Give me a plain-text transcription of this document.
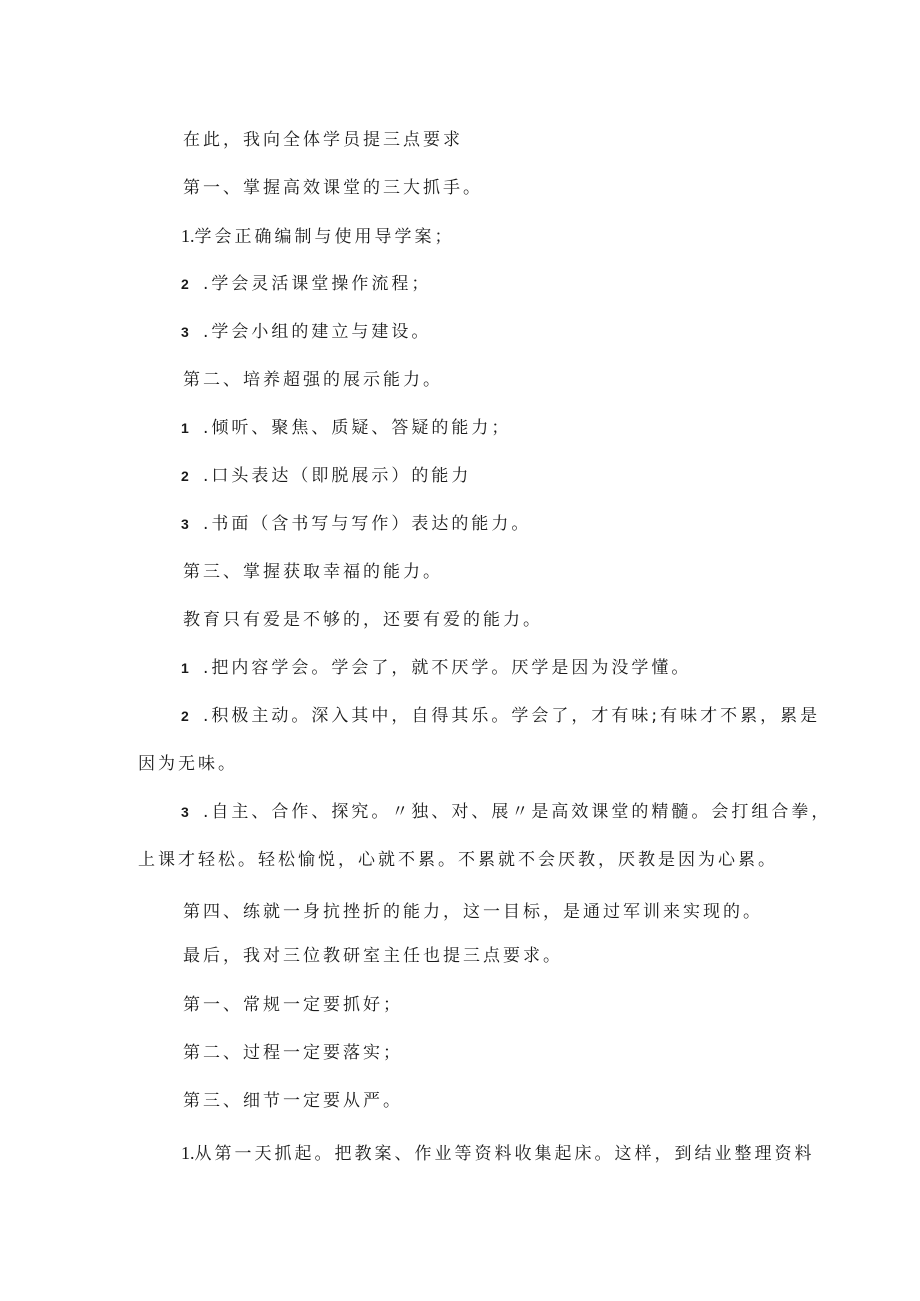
在此，我向全体学员提三点要求

第一、掌握高效课堂的三大抓手。

1.学会正确编制与使用导学案；

2 .学会灵活课堂操作流程；

3 .学会小组的建立与建设。

第二、培养超强的展示能力。

1 .倾听、聚焦、质疑、答疑的能力；

2 .口头表达（即脱展示）的能力

3 .书面（含书写与写作）表达的能力。

第三、掌握获取幸福的能力。

教育只有爱是不够的，还要有爱的能力。

1 .把内容学会。学会了，就不厌学。厌学是因为没学懂。

2 .积极主动。深入其中，自得其乐。学会了，才有味;有味才不累，累是

因为无味。

3 .自主、合作、探究。〃独、对、展〃是高效课堂的精髓。会打组合拳，

上课才轻松。轻松愉悦，心就不累。不累就不会厌教，厌教是因为心累。

第四、练就一身抗挫折的能力，这一目标，是通过军训来实现的。

最后，我对三位教研室主任也提三点要求。

第一、常规一定要抓好；

第二、过程一定要落实；

第三、细节一定要从严。

1.从第一天抓起。把教案、作业等资料收集起床。这样，到结业整理资料
